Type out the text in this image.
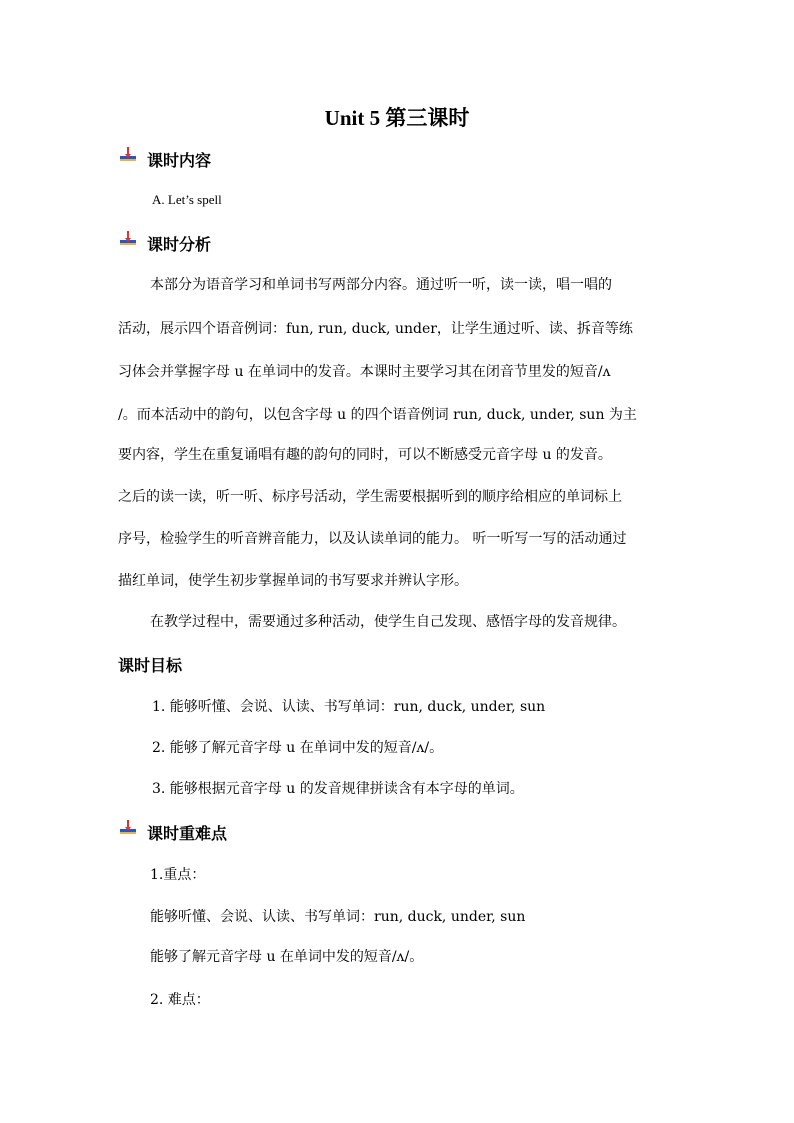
Unit 5 第三课时
课时内容
A. Let’s spell
课时分析
本部分为语音学习和单词书写两部分内容。通过听一听，读一读，唱一唱的
活动，展示四个语音例词：fun, run, duck, under，让学生通过听、读、拆音等练
习体会并掌握字母 u 在单词中的发音。本课时主要学习其在闭音节里发的短音/ʌ
/。而本活动中的韵句，以包含字母 u 的四个语音例词 run, duck, under, sun 为主
要内容，学生在重复诵唱有趣的韵句的同时，可以不断感受元音字母 u 的发音。
之后的读一读，听一听、标序号活动，学生需要根据听到的顺序给相应的单词标上
序号，检验学生的听音辨音能力，以及认读单词的能力。 听一听写一写的活动通过
描红单词，使学生初步掌握单词的书写要求并辨认字形。
在教学过程中，需要通过多种活动，使学生自己发现、感悟字母的发音规律。
课时目标
1. 能够听懂、会说、认读、书写单词：run, duck, under, sun
2. 能够了解元音字母 u 在单词中发的短音/ʌ/。
3. 能够根据元音字母 u 的发音规律拼读含有本字母的单词。
课时重难点
1.重点：
能够听懂、会说、认读、书写单词：run, duck, under, sun
能够了解元音字母 u 在单词中发的短音/ʌ/。
2. 难点：
